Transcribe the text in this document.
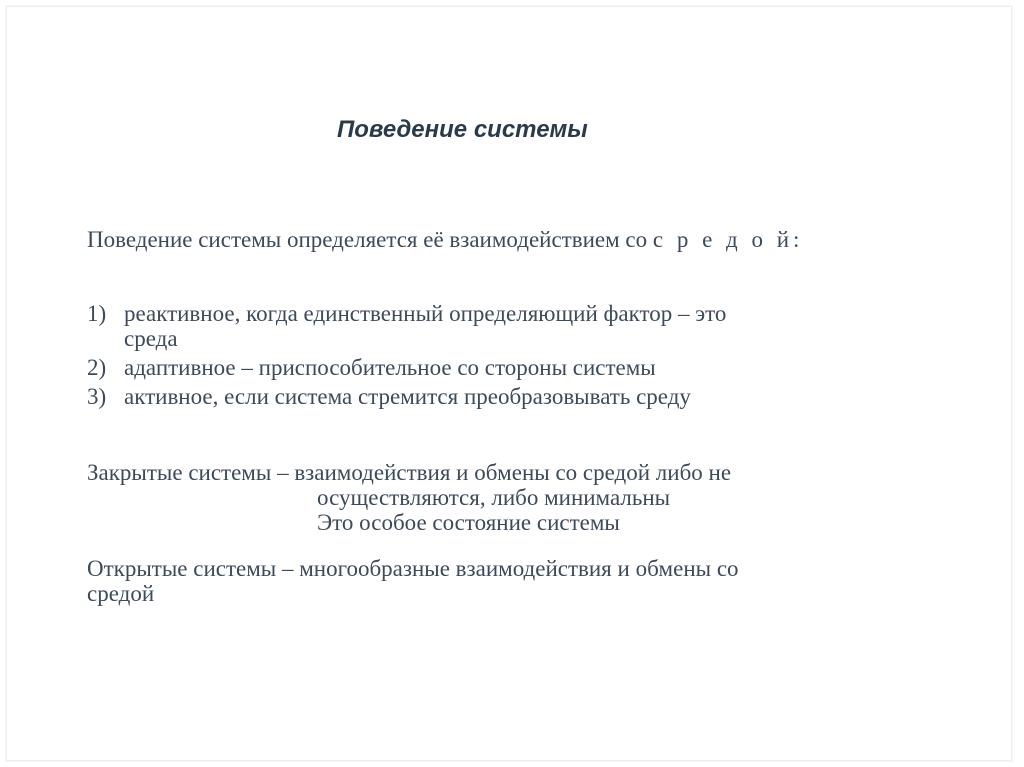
Поведение системы
Поведение системы определяется её взаимодействием со с р е д о й:
1) реактивное, когда единственный определяющий фактор – это
среда
2) адаптивное – приспособительное со стороны системы
3) активное, если система стремится преобразовывать среду
Закрытые системы – взаимодействия и обмены со средой либо не
осуществляются, либо минимальны
Это особое состояние системы
Открытые системы – многообразные взаимодействия и обмены со
средой
